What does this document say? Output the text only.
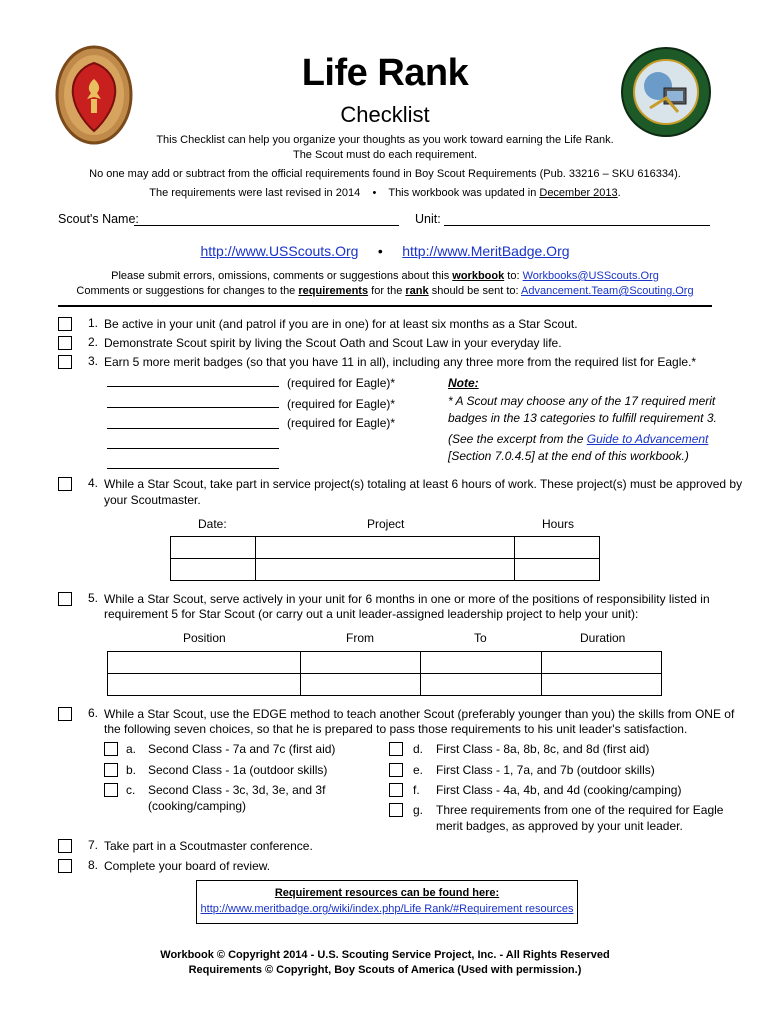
Life Rank
Checklist
This Checklist can help you organize your thoughts as you work toward earning the Life Rank.
The Scout must do each requirement.
No one may add or subtract from the official requirements found in Boy Scout Requirements (Pub. 33216 – SKU 616334).
The requirements were last revised in 2014 • This workbook was updated in December 2013.
Scout's Name:	Unit:
http://www.USScouts.Org • http://www.MeritBadge.Org
Please submit errors, omissions, comments or suggestions about this workbook to: Workbooks@USScouts.Org
Comments or suggestions for changes to the requirements for the rank should be sent to: Advancement.Team@Scouting.Org
1. Be active in your unit (and patrol if you are in one) for at least six months as a Star Scout.
2. Demonstrate Scout spirit by living the Scout Oath and Scout Law in your everyday life.
3. Earn 5 more merit badges (so that you have 11 in all), including any three more from the required list for Eagle.*
(required for Eagle)*
(required for Eagle)*
(required for Eagle)*
Note:
* A Scout may choose any of the 17 required merit
badges in the 13 categories to fulfill requirement 3.
(See the excerpt from the Guide to Advancement
[Section 7.0.4.5] at the end of this workbook.)
4. While a Star Scout, take part in service project(s) totaling at least 6 hours of work. These project(s) must be approved by
your Scoutmaster.
Date:	Project	Hours

5. While a Star Scout, serve actively in your unit for 6 months in one or more of the positions of responsibility listed in
requirement 5 for Star Scout (or carry out a unit leader-assigned leadership project to help your unit):
Position	From	To	Duration

6. While a Star Scout, use the EDGE method to teach another Scout (preferably younger than you) the skills from ONE of
the following seven choices, so that he is prepared to pass those requirements to his unit leader's satisfaction.
a. Second Class - 7a and 7c (first aid)
b. Second Class - 1a (outdoor skills)
c. Second Class - 3c, 3d, 3e, and 3f
(cooking/camping)
d. First Class - 8a, 8b, 8c, and 8d (first aid)
e. First Class - 1, 7a, and 7b (outdoor skills)
f. First Class - 4a, 4b, and 4d (cooking/camping)
g. Three requirements from one of the required for Eagle
merit badges, as approved by your unit leader.
7. Take part in a Scoutmaster conference.
8. Complete your board of review.
Requirement resources can be found here:
http://www.meritbadge.org/wiki/index.php/Life Rank/#Requirement resources
Workbook © Copyright 2014 - U.S. Scouting Service Project, Inc. - All Rights Reserved
Requirements © Copyright, Boy Scouts of America (Used with permission.)
